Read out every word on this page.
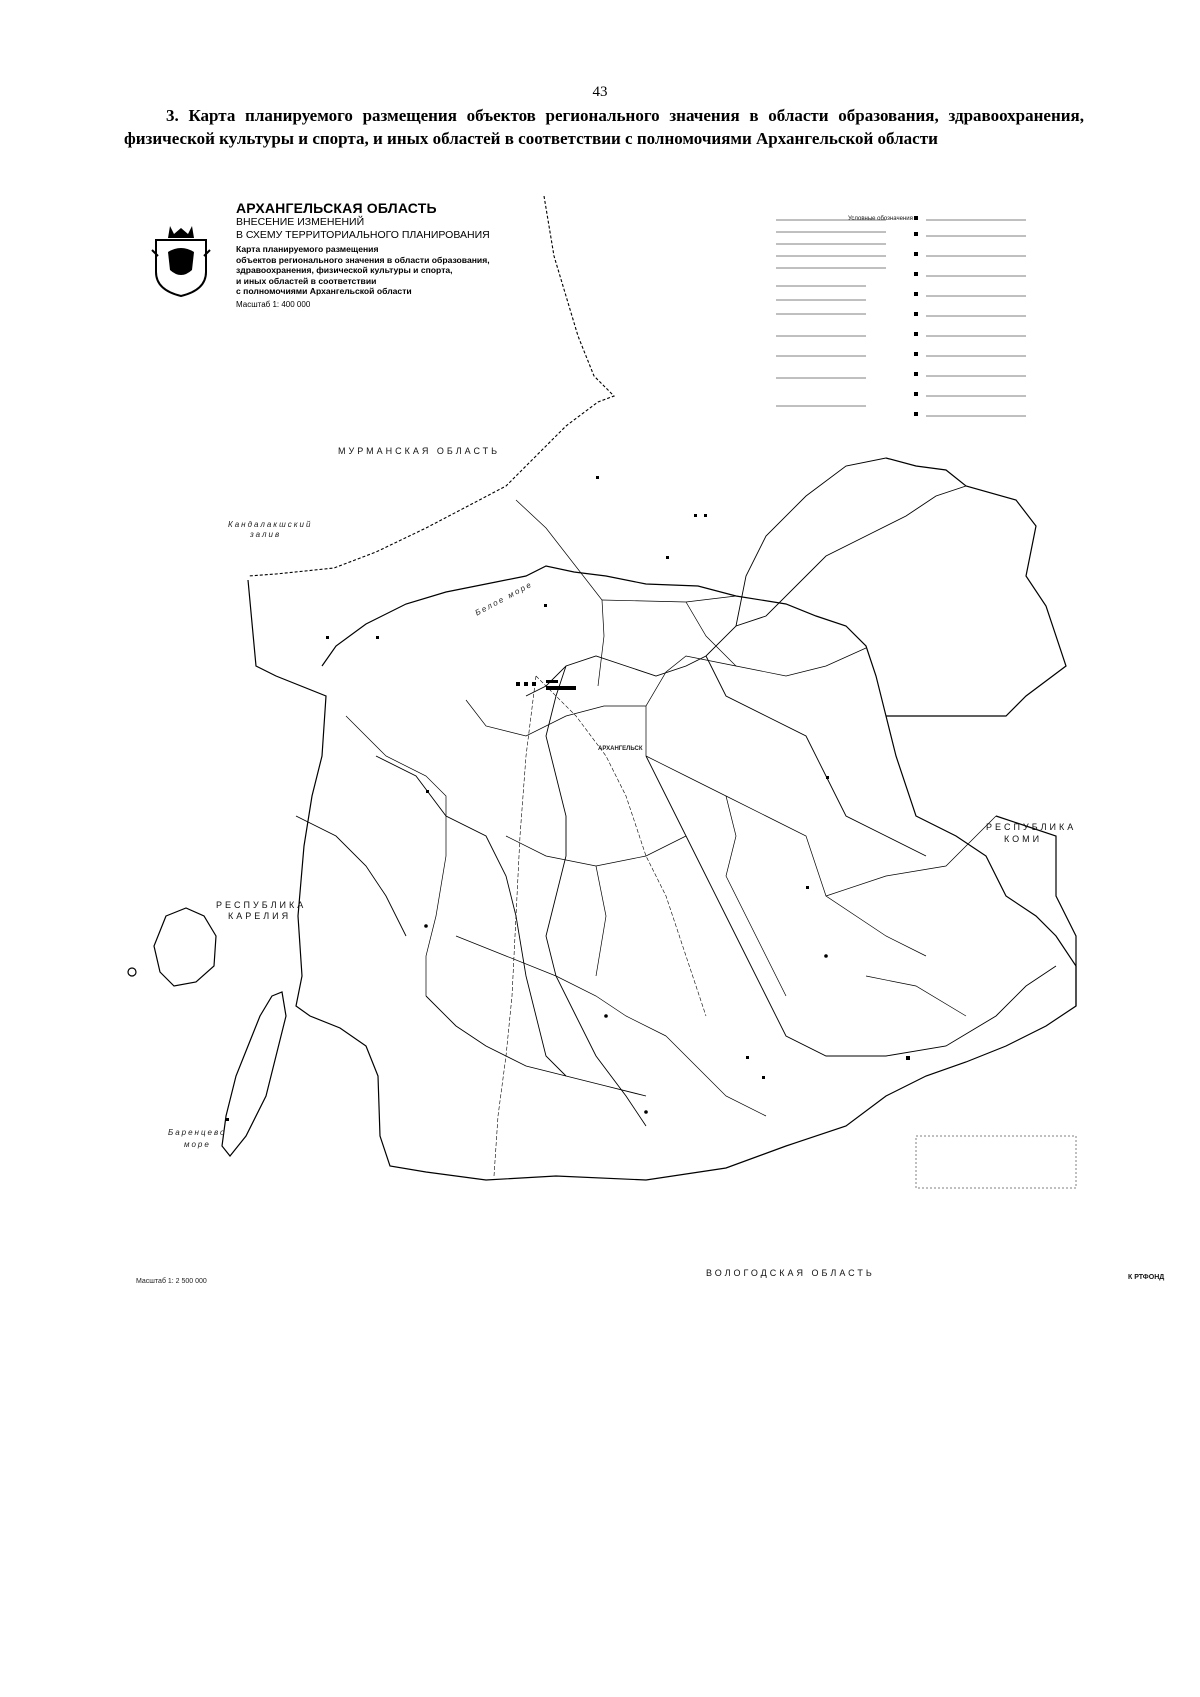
43
3. Карта планируемого размещения объектов регионального значения в области образования, здравоохранения, физической культуры и спорта, и иных областей в соответствии с полномочиями Архангельской области
АРХАНГЕЛЬСКАЯ ОБЛАСТЬ
ВНЕСЕНИЕ ИЗМЕНЕНИЙ
В СХЕМУ ТЕРРИТОРИАЛЬНОГО ПЛАНИРОВАНИЯ
Карта планируемого размещения
объектов регионального значения в области образования,
здравоохранения, физической культуры и спорта,
и иных областей в соответствии
с полномочиями Архангельской области
Масштаб 1: 400 000
Условные обозначения
МУРМАНСКАЯ ОБЛАСТЬ
РЕСПУБЛИКА
КОМИ
РЕСПУБЛИКА
КАРЕЛИЯ
ВОЛОГОДСКАЯ ОБЛАСТЬ
Кандалакшский
залив
Белое море
Баренцево
море
АРХАНГЕЛЬСК
Масштаб 1: 2 500 000
К РТФОНД
